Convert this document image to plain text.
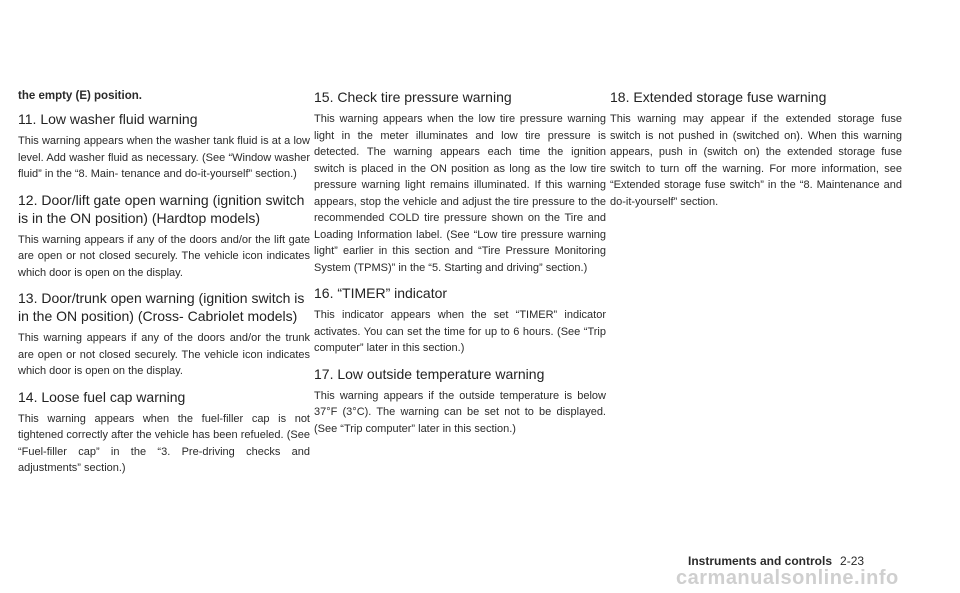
the empty (E) position.

11. Low washer fluid warning

This warning appears when the washer tank fluid is at a low level. Add washer fluid as necessary. (See “Window washer fluid” in the “8. Main- tenance and do-it-yourself” section.)

12. Door/lift gate open warning (ignition switch is in the ON position) (Hardtop models)

This warning appears if any of the doors and/or the lift gate are open or not closed securely. The vehicle icon indicates which door is open on the display.

13. Door/trunk open warning (ignition switch is in the ON position) (Cross- Cabriolet models)

This warning appears if any of the doors and/or the trunk are open or not closed securely. The vehicle icon indicates which door is open on the display.

14. Loose fuel cap warning

This warning appears when the fuel-filler cap is not tightened correctly after the vehicle has been refueled. (See “Fuel-filler cap” in the “3. Pre-driving checks and adjustments” section.)

15. Check tire pressure warning

This warning appears when the low tire pressure warning light in the meter illuminates and low tire pressure is detected. The warning appears each time the ignition switch is placed in the ON position as long as the low tire pressure warning light remains illuminated. If this warning appears, stop the vehicle and adjust the tire pressure to the recommended COLD tire pressure shown on the Tire and Loading Information label. (See “Low tire pressure warning light” earlier in this section and “Tire Pressure Monitoring System (TPMS)” in the “5. Starting and driving” section.)

16. “TIMER” indicator

This indicator appears when the set “TIMER” indicator activates. You can set the time for up to 6 hours. (See “Trip computer” later in this section.)

17. Low outside temperature warning

This warning appears if the outside temperature is below 37°F (3°C). The warning can be set not to be displayed. (See “Trip computer” later in this section.)

18. Extended storage fuse warning

This warning may appear if the extended storage fuse switch is not pushed in (switched on). When this warning appears, push in (switch on) the extended storage fuse switch to turn off the warning. For more information, see “Extended storage fuse switch” in the “8. Maintenance and do-it-yourself” section.

Instruments and controls 2-23
carmanualsonline.info
